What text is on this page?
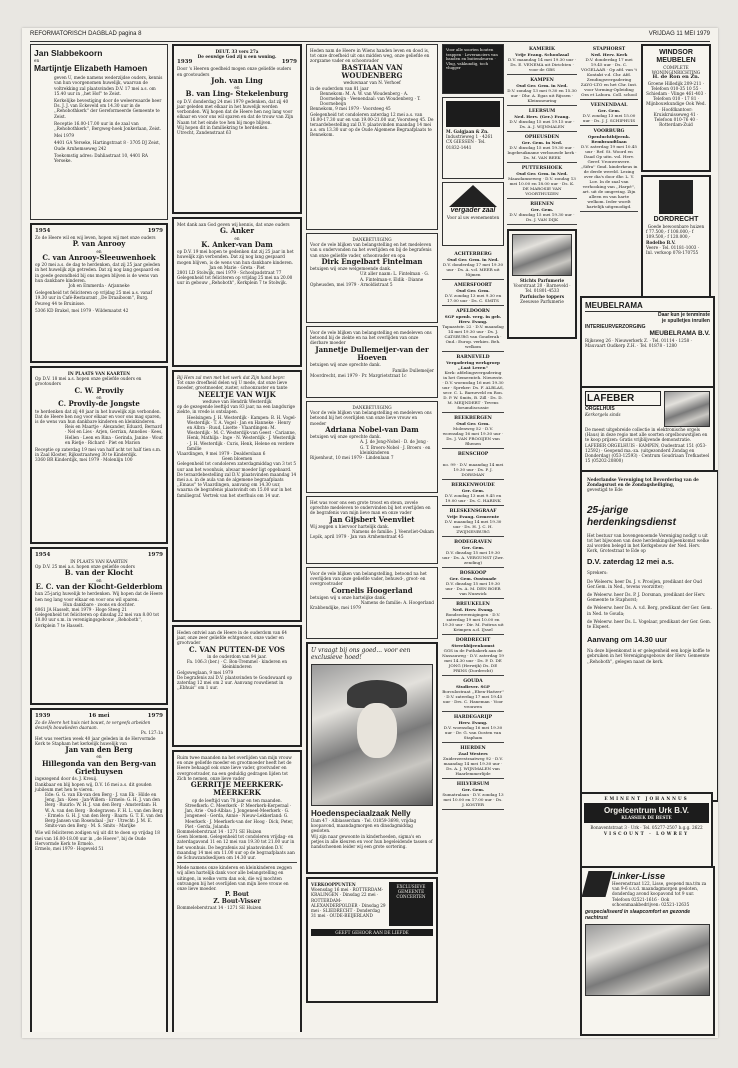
REFORMATORISCH DAGBLAD pagina 8	VRIJDAG 11 MEI 1979
Jan Slabbekoorn
en
Martijntje Elizabeth Hamoen
geven U, mede namens wederzijdse ouders, kennis van hun voorgenomen huwelijk, waarvan de voltrekking zal plaatsvinden D.V. 17 mei a.s. om 15.40 uur in ,,het Hof'' te Zeist.
Kerkelijke bevestiging door de weleerwaarde heer Ds. J. J. van Eckeveld om 14.30 uur in de ,,Rehobothkerk'' der Gereformeerde Gemeente te Zeist.
Receptie 16.00-17.00 uur in de zaal van ,,Rehobothkerk'', Bergweg-hoek Jonkerlaan, Zeist.
Mei 1979
4401 GA Yerseke, Hartingstraat 8 · 3705 DJ Zeist, Oude Arnhemseweg 242
Toekomstig adres: Dahliastraat 10, 4401 RA Yerseke.
1954	1979
Zo de Heere wil en wij leven, hopen wij met onze ouders
P. van Anrooy
en
C. van Anrooy-Sleeuwenhoek
op 20 mei a.s. de dag te herdenken, dat zij 25 jaar geleden in het huwelijk zijn getreden. Dat zij nog lang gespaard en in goede gezondheid bij ons mogen blijven is de wens van hun dankbare kinderen.
Joh en Emmerda · Arjanneke
Gelegenheid tot feliciteren op vrijdag 25 mei a.s. vanaf 19.30 uur in Café-Restaurant ,,De Draaiboom'', Burg. Peuveg 44 te Bruinisse.
5306 KD Brakel, mei 1979 · Wildemaatst 42
IN PLAATS VAN KAARTEN
Op D.V. 18 mei a.s. hopen onze geliefde ouders en grootouders
C. W. Provily
en
C. Provily-de Jongste
te herdenken dat zij 40 jaar in het huwelijk zijn verbonden.
Dat de Heere hen nog voor elkaar en voor ons mag sparen, is de wens van hun dankbare kinderen en kleinkinderen.
Reis en Maartje · Alexander, Eduard, Bernard · Nel en Lies · Arjen, Gerrian, Annelies · Kees, Hellen · Leen en Rina · Gerinda, Janine · Wout en Rietje · Richard · Piet en Marion
Receptie op zaterdag 19 mei van half acht tot half tien s.m. in Zaal Kloster, Rijksstraatweg 30 te Kinderdijk.
3360 BR Kinderdijk, mei 1979 · Molenlijn 100
1954	1979
IN PLAATS VAN KAARTEN
Op D.V. 25 mei a.s. hopen onze geliefde ouders
B. van der Klocht
en
E. C. van der Klocht-Gelderblom
hun 25-jarig huwelijk te herdenken. Wij hopen dat de Heere hen nog lang voor elkaar en voor ons wil sparen.
Hun dankbare · zoons en dochter.
8061 JA Hasselt, mei 1979 · Hoge Steeg 21
Gelegenheid tot feliciteren op dinsdag 22 mei van 8.00 tot 10.00 uur s.m. in verenigingsgebouw ,,Rehoboth'', Kerkplein 7 te Hasselt.
1939	16 mei	1979
Zo de Heere het huis niet bouwt, te vergeefs arbeiden deszelfs bouwlieden daaraan.
Ps. 127:1a
Het was veertien week 40 jaar geleden in de Hervormde Kerk te Stapham het kerkelijk huwelijk van
Jan van den Berg
en
Hillegonda van den Berg-van Griethuysen
ingezegend door ds. J. Kreuij.
Dankbaar en blij hopen wij, D.V. 16 mei a.s. dit gouden jubileum met hen te vieren.
Ede: G. G. van Ek-van den Berg · J. van Ek · Hilde en Jeng, Jan · Kees · Jan-Willem · Ermelo: G. H. J. van den Berg · Ruurlo: W. H. J. van den Berg · Amsterdam: H. W. A. van den Berg · Bodegraven: F. H. L. van den Berg · Ermelo: G. H. J. van den Berg · Baarn: G. T. E. van den Berg-Jansen van Rosendaal · Jur · Utrecht: J. M. E. Smits-van den Berg · M. S. Smits · Marijke
Wie wil feliciteren zodigen wij uit dit te doen op vrijdag 18 mei van 16.00-18.00 uur in ,,de Hoeve'', bij de Oude Hervormde Kerk te Ermelo.
Ermelo, mei 1979 · Hogeveld 51
DEUT. 33 vers 27a
De eeuwige God zij u een woning.
1939	1979
Door 's Heeren goedheid mogen onze geliefde ouders en grootouders
Joh. van Ling
en
B. van Ling- Stekelenburg
op D.V. donderdag 24 mei 1979 gedenken, dat zij 40 jaar geleden met elkaar in het huwelijk werden verbonden. Wij hopen dat de Heere hen nog lang voor elkaar en voor ons wil sparen en dat de trouw van Zijn Naam tot het einde toe hen bij moge blijven.
Wij hopen dit in familiekring te herdenken.
Utrecht, Zandenstraat 63
Met dank aan God geven wij kennis, dat onze ouders
G. Anker
en
K. Anker-van Dam
op D.V. 19 mei hopen te gedenken dat zij 25 jaar in het huwelijk zijn verbonden. Dat zij nog lang gespaard mogen blijven, is de wens van hun dankbare kinderen.
Jan en Marie · Greta · Piet
2801 LD Stolwijk, mei 1979 · Schoolpadstraat 77
Gelegenheid tot feliciteren op vrijdag 25 mei na 20.00 uur in gebouw ,,Rehoboth'', Kerkplein 7 te Stolwijk.
Bij Hem zal men met het werk dat Zijn hand beprc
Tot onze droefheid delen wij U mede, dat onze lieve moeder, grootmoeder, zuster, schoonzuster en tante
NEELTJE VAN WIJK
weduwe van Hendrik Westerdijk
op de gezegende leeftijd van 83 jaar, na een langdurige ziekte, in vrede is ontslapen.
Heelsingen: J. H. Westerdijk · Kampen: B. H. Vogel-Westerdijk · T. A. Vogel · Jan en Hanneke · Henry en Albra · Ruud, Lisette · Vlaardingen: M. Westerdijk · M. C. Westerdijk-van Geest · Carianne, Henk, Mathilja · Inge · N. Westerdijk · J. Westerdijk · J. H. Westerdijk · Curis, Henk, Helene en verdere familie
Vlaardingen, 9 mei 1979 · Dealderslaan 6
Geen bloemen
Gelegenheid tot condoleren zaterdagmiddag van 3 tot 5 uur aan het woonhuis, alwaar moeder ligt opgebaard. De teraardebestelling zal D.V. plaatsvinden maandag 14 mei a.s. in de aula van de algemene begraafplaats ,,Emaus'' te Vlaardingen, aanvang om 14.30 uur, waarna de begrafenis plaatsvindt om 15.00 uur in het familiegraf. Vertrek van het sterfhuis om 14 uur.
Heden ontviel aan de Heere in de ouderdom van 64 jaar, onze zeer geliefde echtgenoot, onze vader en grootvader
C. VAN PUTTEN-DE VOS
in de ouderdom van 94 jaar.
Fa. 106:3 (ber.) · C. Bon-Tremmel · kinderen en kleinkinderen
Gelgsweglaan, 9 mei 1979
De begrafenis zal D.V. plaatsvinden te Goudswaard op zaterdag 12 mei om 2 uur. Aanvang rouwdienst in ,,Ebhuis'' om 1 uur.
Ruim twee maanden na het overlijden van mijn vrouw en onze geliefde moeder en grootmoeder heeft het de Heere behaagd ook onze lieve vader, grootvader en overgrootvader, na een geduldig gedragen lijden tot Zich te nemen, onze lieve vader
GERRITJE MEERKERK-MEERKERK
op de leeftijd van 78 jaar en ten maanden.
Streefkerk: C. Meerkerk · P. Meerkerk-Kerperaal · Jan, Arie · Oud-Alblas: J. Jongeneel-Meerkerk · G. Jongeneel · Gerda, Annie · Nieuw-Lekkerland: G. Meerkerk · J. Meerkerk-van der Hoog · Dick, Peter, Piet · Gerda, Jolanda
Bommeleberstraat 14 · 1271 SE Huizen
Geen bloemen. Gelegenheid tot condoleren vrijdag- en zaterdagavond 11 en 12 mei van 19.30 tot 21.00 uur in het woonhuis. De begrafenis zal plaatsvinden D.V. maandag 14 mei om 11.00 uur op de begraafplaats aan de Schuwzandsedijsen om 14.30 uur.
Mede namens onze kinderen en kleinkinderen zeggen wij allen hartelijk dank voor alle belangstelling en uitingen, in welke vorm dan ook, die wij mochten ontvangen bij het overlijden van mijn lieve vrouw en onze lieve moeder.
P. Bout
Z. Bout-Visser
Bommeleberstraat 14 · 1271 SE Huizen
Heden nam de Heere in Wiens handen leven en dood is, tot onze droefheid uit ons midden weg, onze geliefde en zorgzame vader en schoonvader
BASTIAAN VAN WOUDENBERG
weduwnaar van N. Verhoef
in de ouderdom van 81 jaar
Bennekom: M. A. W. van Woudenberg · A. Doornebeijn · Veenendaal: van Woudenberg · T. Doornebeijn
Bennekom, 9 mei 1979 · Voorsteeg 45
Gelegenheid tot condoleren zaterdag 12 mei a.s. van 16.00-17.30 uur en van 19.00-21.00 uur, Voorsteeg 45. De teraardebestelling zal D.V. plaatsvinden maandag 14 mei a.s. om 13.30 uur op de Oude Algemene Begraafplaats te Bennekom.
DANKBETUIGING
Voor de vele blijken van belangstelling en het medeleven van u ondervonden na het overlijden en bij de begrafenis van onze geliefde vader, schoonvader en opa
Dirk Engelbart Fintelman
betuigen wij onze welgemeende dank.
Uit aller naam: L. Fintelman · G. A. Fintelman-v. Eldik · Dianne
Opheusden, mei 1979 · Arnoldistraat 5
Voor de vele blijken van belangstelling en medeleven ons betoond bij de ziekte en na het overlijden van onze dierbare moeder
Jannetje Dullemeijer-van der Hoeven
betuigen wij onze oprechte dank.
Familie Dullemeijer
Moordrecht, mei 1979 · Pr. Margrietstraat 1c
DANKBETUIGING
Voor de vele blijken van belangstelling en medeleven ons betoond bij het overlijden van onze lieve vrouw en moeder
Adriana Nobel-van Dam
betuigen wij onze oprechte dank.
A. J. de Jong-Nobel · D. de Jong · G. T. Broers-Nobel · J. Broers · en kleinkinderen
Rijsenhout, 10 mei 1979 · Lindenlaan 7
Het was voor ons een grote troost en steun, zovele oprechte medeleven te ondervinden bij het overlijden en de begrafenis van mijn lieve man en onze vader
Jan Gijsbert Veenvliet
Wij zeggen u hiervoor hartelijk dank.
Namens de familie: J. Veenvliet-Oskam
Lopik, april 1979 · Jan van Arnhemstraat 45
Voor de vele blijken van belangstelling, betoond na het overlijden van onze geliefde vader, behuwd-, groot- en overgrootvader
Cornelis Hoogerland
betuigen wij u onze hartelijke dank.
Namens de familie: A. Hoogerland
Krabbendijke, mei 1979
U vraagt bij ons goed... voor een exclusieve hoed!
Hoedenspeciaalzaak Nelly
Dam 47 · Alblasserdam · Tel. 01859-3698, vrijdag koopavond, maandagmorgen en dinsdagmiddag gesloten.
Wij zijn naar gewoonte in kinderhoeden, sigma's en petjes in alle kleuren en voor hun begeleidende tassen of handschoenen leider wij een grote sortering.
VERKOOPPUNTEN
Woensdag 16 mei · ROTTERDAM-KRALINGEN · Dinsdag 22 mei · ROTTERDAM-ALEXANDERPOLDER · Dinsdag 29 mei · SLIEDRECHT · Donderdag 31 mei · OUDE-BEIJERLAND
EXCLUSIEVE GEMEENTE CONCERTEN
GEEFT GEHOOR AAN DE LIEFDE
Voor alle soorten houten trappen · Leveranciers van banden en buitendeuren · Vlug, vakkundig, toch vlugger
M. Galgjaan & Zn.
Industrieweg 1 · 4261 CX GIESSEN · Tel. 01832-1441
vergader zaal
Voor al uw evenementen
ACHTERBERG
Oud Ger. Gem. in Ned.
D.V. donderdag 17 mei 19.30 uur · Ds. A. v.d. MEER uit Nijmen
AMERSFOORT
Oud Ger. Gem.
D.V. zondag 13 mei 9.30 en 17.00 uur · Ds. C. SMITS
APELDOORN
SGP openb. verg. in geb. Herv. Evang.
Tapaaststr. 22 · D.V. maandag 14 mei 19.30 uur · Ds. J. CATSBURG van Gouderak · Ond.: Europ. verkies. Beh. welkom
BARNEVELD
Vergadering werkgroep ,,Laat Leven''
Kerk: afdelingsvergadering in het Gemeenteh. Nieuwstr. · D.V. woensdag 16 mei 19.30 uur · Spreker: Ds. F. ALBLAS, secr. C. L. Barneveld en Ron. D. P. W. Smits, B. Zill · Ds. D. M. MEIJNDERT · Tevens forumdiscussie
BEEKBERGEN
Oud Ger. Gem.
Molenweg 52 · D.V. woensdag 16 mei 19.30 uur · Ds. J. VAN PROOIJEN van Rhenen
BENSCHOP

no. 99 · D.V. maandag 14 mei 19.30 uur · Ds. P. J. DORSMAN
BERKENWOUDE
Ger. Gem.
D.V. zondag 13 mei 9.45 en 19.00 uur · Ds. C. HARINK
BLESKENSGRAAF
Vrije Evang. Gemeente
D.V. maandag 14 mei 19.30 uur · Ds. H. J. C. H. ZWIJNENBURG
BODEGRAVEN
Ger. Gem.
D.V. dinsdag 15 mei 19.30 uur · Ds. A. VERGUNST (Zwr. zending)
BOSKOOP
Ger. Gem. Oostmade
D.V. dinsdag 15 mei 19.30 uur · Ds. A. M. DEN BOER van Nunwick
BREUKELEN
Ned. Herv. Evang.
Bondsvereenigingen · D.V. zaterdag 19 mei 10.00 en 19.30 uur · Dir. M. Poitrus uit Krimpen a.d. IJssel
DORDRECHT
Streekbijeenkomst
GGS in de Puthakerk aan de Nassauweg · D.V. zaterdag 19 mei 14.30 uur · Ds. P. D. DE JONG (Herwijk) Ds. DE PRINS (Dordrecht)
GOUDA
Studiever. SGP
Borculostraat ,,Eben-Haëzer'' · D.V. zaterdag 17 mei 19.45 uur · Drs. C. Haneman · Voor vrouwen
HARDEGARIJP
Herv. Evang.
D.V. woensdag 16 mei 19.30 uur · Dr. G. van Oosten van Stapham
HIERDEN
Zaal Westers
Zuiderzeestraatweg 92 · D.V. maandag 14 mei 19.30 uur · Ds. A. J. WIJNMALEN van Haarlemmerlijde
HILVERSUM
Ger. Gem.
Sumatralaan · D.V. zondag 13 mei 10.00 en 17.00 uur · Ds. J. KOSTER
KAMERIK
Vrije Evang. Schoolzaal
D.V. maandag 14 mei 19.30 uur · Ds. E. VENEMA uit Dirichten · voor de GBS
KAMPEN
Oud Ger. Gem. in Ned.
D.V. zondag 13 mei 9.30 en 15.30 uur · Dhr. A. Egas uit Rijssen · Kleinsneuring
LEERSUM
Ned. Herv. (Ger.) Evang.
D.V. dinsdag 15 mei 19.15 uur · Ds. A. J. WIJNMALEN
OPHEUSDEN
Ger. Gem. in Ned.
D.V. dinsdag 15 mei 19.30 uur · Ingebruikname verbouwde kerk · Ds. M. VAN BEEK
PUTTERSHOEK
Oud Ger. Gem. in Ned.
Maasdamseweg · D.V. zondag 13 mei 10.00 en 18.00 uur · Ds. K. DE MAROSIE VAN VOORTHUIZEN
RHENEN
Ger. Gem.
D.V. dinsdag 15 mei 19.30 uur · Ds. J. VAN DIJK
Stichts Parfumerie
Voorstraat 20 · Barneveld · Tel. 01801-4533
Parfuische toppers
Zeeuwse Parfumerie
STAPHORST
Ned. Herv. Kerk
D.V. donderdag 17 mei 19.45 uur · Ds. C. VOGELAAR · Op afd. van 't Kontakt v.d. Chr. Afd. Zendingsvergadering ZAYO-LTO en het Chr. Inst. voor Vorming-Opleiding Ora et Labora. Coll. school
VEENENDAAL
Ger. Gem.
D.V. zondag 13 mei 15.00 uur · Ds. J. J. SCHIPHUIS
VOORBURG
Openluchtbijeenk. Rembrandtlaan
D.V. zaterdag 19 mei 10.45 uur · Ref. St. Woord en Daad Op uitn. vol. Herv. Geref. Vrouwenvere. ,,Sifra'' Gmd. kinderkeus in de derde wereld. Lezing over dia's door dhr. L. Y. Loe. In de zaal van verhooking van ,,Harpé'', art. uit de omgeving. Zijn alleen en van harte welkom. Ieder wordt hartelijk uitgenodigd.
WINDSOR MEUBELEN
COMPLETE WONINGINRICHTING
H. de Ron en Zn.
Groene Hilledijk 209-211 · Telefoon 010-35 10 55 · Schiedam · Vlinge 461-403 · Telefoon 010 - 17 81 · Mijnbouwkundige Ook Wed. · Hoofdkantoor: Kruiskruisseweg 41 · Telefoon 010-76 40 · Rotterdam-Zuid
DORDRECHT
Goede bewoonbare huizen
f 77.500,- f 108.000,- f 109.500,- f 120.000,-
Rodelbo B.V.
Veere · Tel. 01181-1003 · Inl. verkoop 078-170755
MEUBELRAMA
Daar kun je tenminste
je spulletjes inruilen
INTERIEURVERZORGING
MEUBELRAMA B.V.
Rijksweg 26 · Nieuwerkerk Z. · Tel. 01114 - 1258 · Mauvaart Oudkerp Z.H. · Tel. 01878 - 1280
LAFEBER
ORGELHUIS
Kerkorgels sinds
De meest uitgebreide collectie in elektronische orgels (Haus) in deze regio met alle soorten orgelbouwstijlen en te koop prijzen: Gratis vrijblijvende demonstratie.
LAFEBER ORGELHUIS · KAMPEN, Oudestraat 151 (053-12592) · Geopend ma.-za. (uitgezonderd Zondag en Donderdag) (053-12593) · Centrum Goudriaan Trefkasteel 15 (05202-20800)
Nederlandse Vereniging tot Bevordering van de Zondagsrust en de Zondagsheiliging,
gevestigd te Ede
25-jarige herdenkingsdienst
Het bestuur van bovengenoemde Vereniging nodigt u uit tot het bijwonen van deze herdenkingsbijeenkomst welke zal worden belegd in het Kerkgebouw der Ned. Herv. Kerk, Grotestraat te Ede op
D.V. zaterdag 12 mei a.s.
Sprekers:
De Weleerw. heer Ds. J. v. Prooijen, predikant der Oud Ger.Gem. in Ned., tevens voorzitter;
de Weleerw. heer Ds. P. J. Dorsman, predikant der Herv. Gemeente te Staphorst;
de Weleerw. heer Ds. A. v.d. Berg, predikant der Ger. Gem. in Ned. te Gouda;
de Weleerw. heer Ds. L. Vogelaar, predikant der Ger. Gem. te Elspeet.
Aanvang om 14.30 uur
Na deze bijeenkomst is er gelegenheid een kopje koffie te gebruiken in het Verenigingsgebouw der Herv. Gemeente ,,Rehoboth'', gelegen naast de kerk.
EMINENT JOHANNUS
Orgelcentrum Urk B.V.
KLASSIEK DE BESTE
Bonaventstraat 3 · Urk · Tel. 05277-2507 b.g.g. 2622
VISCOUNT · LOWREY
Linker-Lisse
Heerenstraat 122, Lisse, geopend ma.t/m za van 9-6 u.v.d. maandagmorgen gesloten, donderdag avond koopavond tot 9 uur. Telefoon 02521-1616 · Ook schoonmaakbedrijven: 02521-12635
gespecialiseerd in slaapcomfort en gezonde nachtrust
